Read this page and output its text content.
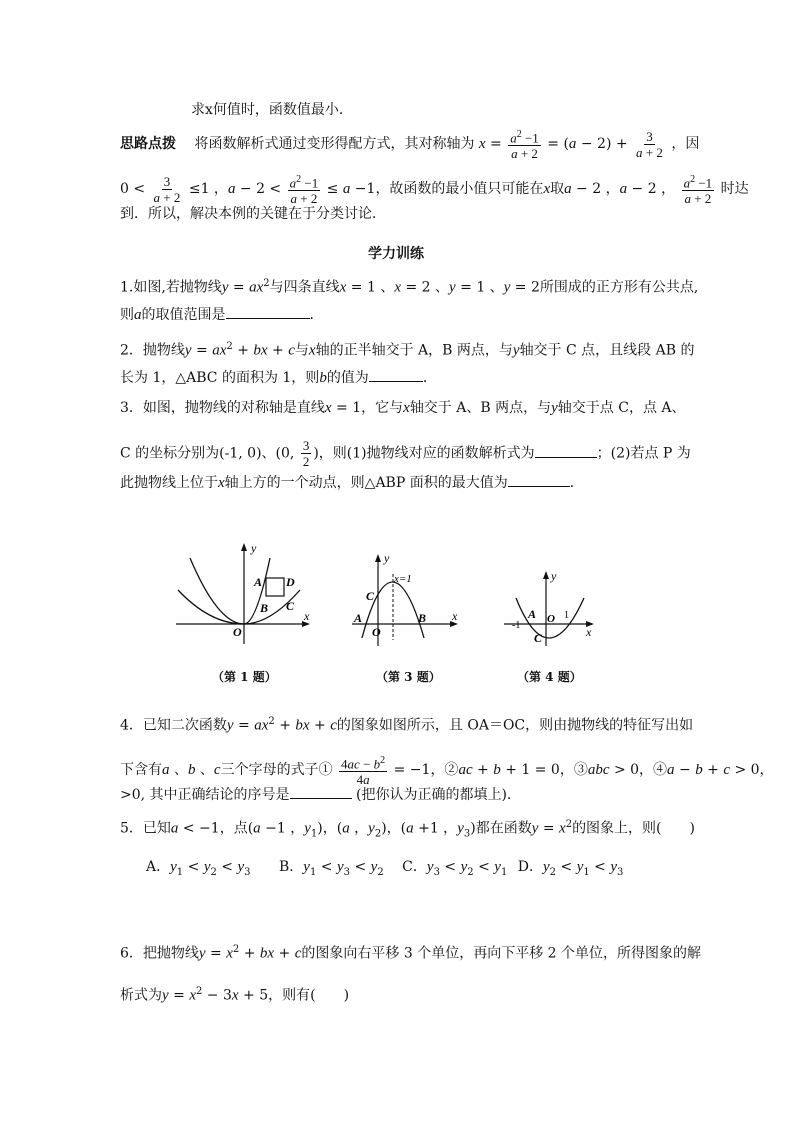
求x何值时，函数值最小．
思路点拨 将函数解析式通过变形得配方式，其对称轴为 $x = \frac{a^2 -1}{a + 2} = (a - 2) + \frac{3}{a + 2}$ ，因
$0 < \frac{3}{a + 2} \le 1$ ，$a - 2 < \frac{a^2 -1}{a + 2} \le a -1$，故函数的最小值只可能在x取a − 2 ，a − 2 ， $\frac{a^2 -1}{a + 2}$ 时达
到．所以，解决本例的关键在于分类讨论．
学力训练
1.如图,若抛物线$y = ax^2$与四条直线x = 1 、x = 2 、y = 1 、y = 2所围成的正方形有公共点,
则a的取值范围是	．
2．抛物线$y = ax^2$ + bx + c与x轴的正半轴交于 A，B 两点，与y轴交于 C 点，且线段 AB 的
长为 1，△ABC 的面积为 1，则b的值为	．
3．如图，抛物线的对称轴是直线x = 1，它与x轴交于 A、B 两点，与y轴交于点 C，点 A、
C 的坐标分别为(-1, 0)、(0, $\frac{3}{2}$ )，则(1)抛物线对应的函数解析式为	；(2)若点 P 为
此抛物线上位于x轴上方的一个动点，则△ABP 面积的最大值为	．
A D
B C
O
y
x
x=1
C
A	B
O
y
x	A
-1
1
O
C
y
x
（第 1 题）	（第 3 题）	（第 4 题）
4．已知二次函数$y = ax^2$ + bx + c的图象如图所示，且 OA＝OC，则由抛物线的特征写出如
下含有a 、b 、c三个字母的式子① $\frac{4ac - b^2}{4a} = -1$，②ac + b + 1 = 0，③abc > 0，④a − b + c > 0，
>0, 其中正确结论的序号是	(把你认为正确的都填上).
5．已知a < −1，点(a −1 ，$y_1$)，(a ，$y_2$)，(a +1 ，$y_3$)都在函数$y = x^2$的图象上，则(　　)
A．$y_1 < y_2 < y_3$ B．$y_1 < y_3 < y_2$ C．$y_3 < y_2 < y_1$ D．$y_2 < y_1 < y_3$
6．把抛物线$y = x^2$ + bx + c的图象向右平移 3 个单位，再向下平移 2 个单位，所得图象的解
析式为$y = x^2 - 3x + 5$，则有(　　)
